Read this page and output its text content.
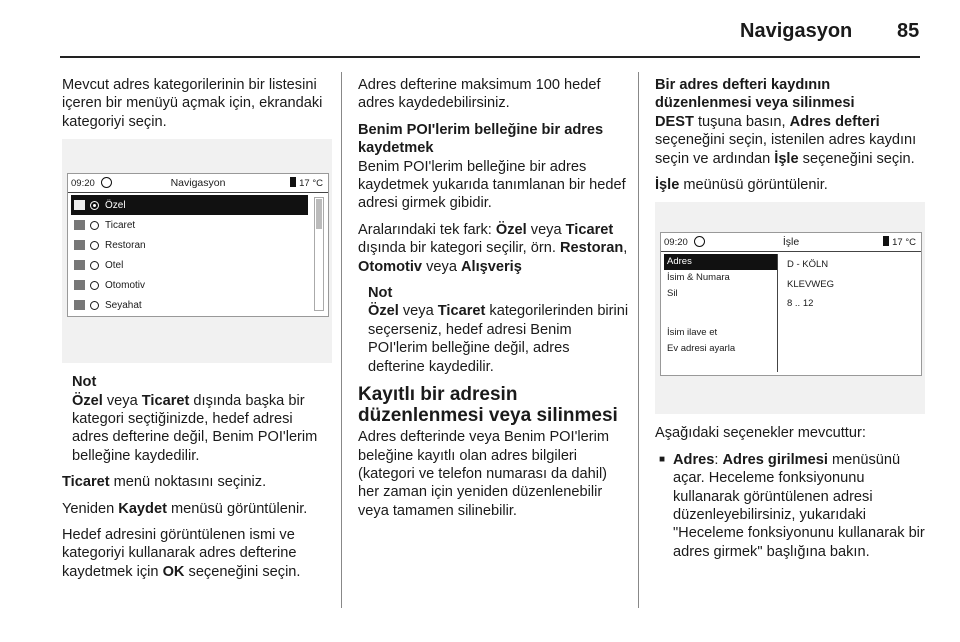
Navigasyon 85

Mevcut adres kategorilerinin bir listesini içeren bir menüyü açmak için, ekrandaki kategoriyi seçin.

09:20	Navigasyon	17 °C
Özel
Ticaret
Restoran
Otel
Otomotiv
Seyahat
Not

Özel veya Ticaret dışında başka bir kategori seçtiğinizde, hedef adresi adres defterine değil, Benim POI'lerim belleğine kaydedilir.

Ticaret menü noktasını seçiniz.

Yeniden Kaydet menüsü görüntülenir.

Hedef adresini görüntülenen ismi ve kategoriyi kullanarak adres defterine kaydetmek için OK seçeneğini seçin.

Adres defterine maksimum 100 hedef adres kaydedebilirsiniz.

Benim POI'lerim belleğine bir adres kaydetmek

Benim POI'lerim belleğine bir adres kaydetmek yukarıda tanımlanan bir hedef adresi girmek gibidir.

Aralarındaki tek fark: Özel veya Ticaret dışında bir kategori seçilir, örn. Restoran, Otomotiv veya Alışveriş

Not

Özel veya Ticaret kategorilerinden birini seçerseniz, hedef adresi Benim POI'lerim belleğine değil, adres defterine kaydedilir.

Kayıtlı bir adresin düzenlenmesi veya silinmesi

Adres defterinde veya Benim POI'lerim beleğine kayıtlı olan adres bilgileri (kategori ve telefon numarası da dahil) her zaman için yeniden düzenlenebilir veya tamamen silinebilir.

Bir adres defteri kaydının düzenlenmesi veya silinmesi

DEST tuşuna basın, Adres defteri seçeneğini seçin, istenilen adres kaydını seçin ve ardından İşle seçeneğini seçin.

İşle meünüsü görüntülenir.

09:20	İşle	17 °C
Adres
İsim & Numara
Sil
İsim ilave et
Ev adresi ayarla
D - KÖLN
KLEVWEG
8 .. 12

Aşağıdaki seçenekler mevcuttur:

■ Adres: Adres girilmesi menüsünü açar. Heceleme fonksiyonunu kullanarak görüntülenen adresi düzenleyebilirsiniz, yukarıdaki "Heceleme fonksiyonunu kullanarak bir adres girmek" başlığına bakın.
